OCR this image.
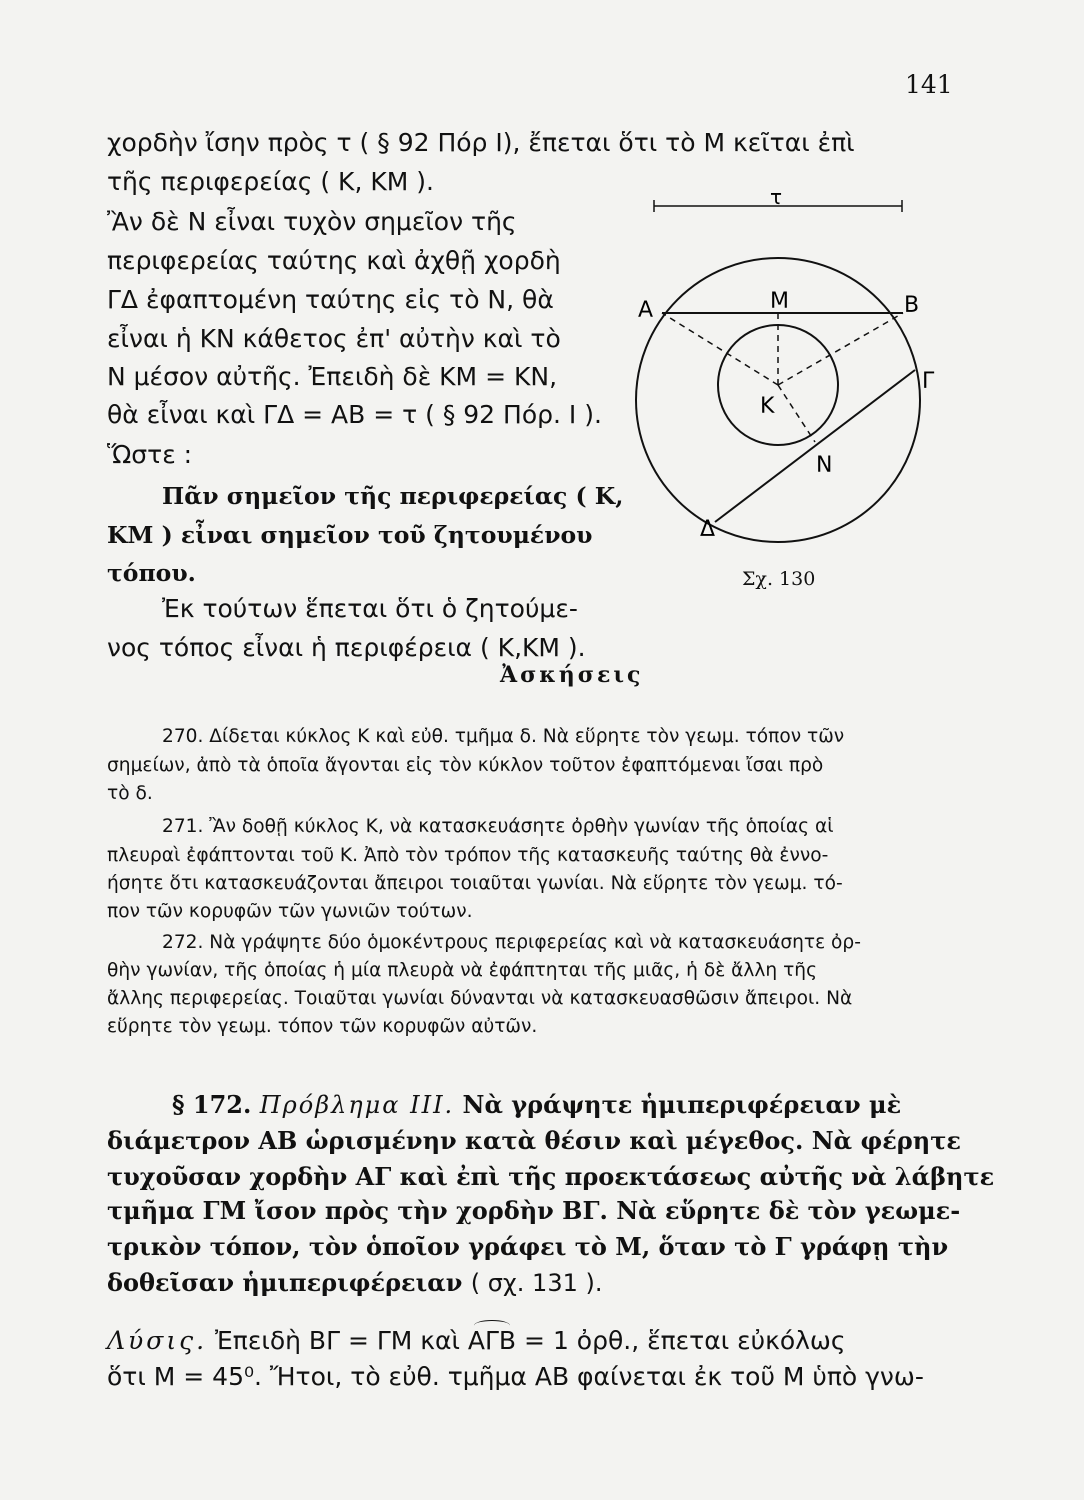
141
χορδὴν ἴσην πρὸς τ ( § 92 Πόρ Ι), ἔπεται ὅτι τὸ Μ κεῖται ἐπὶ
τῆς περιφερείας ( Κ, ΚΜ ).
Ἂν δὲ Ν εἶναι τυχὸν σημεῖον τῆς
περιφερείας ταύτης καὶ ἀχθῇ χορδὴ
ΓΔ ἐφαπτομένη ταύτης εἰς τὸ Ν, θὰ
εἶναι ἡ ΚΝ κάθετος ἐπ' αὐτὴν καὶ τὸ
Ν μέσον αὐτῆς. Ἐπειδὴ δὲ ΚΜ = ΚΝ,
θὰ εἶναι καὶ ΓΔ = ΑΒ = τ ( § 92 Πόρ. Ι ).
Ὥστε :
Πᾶν σημεῖον τῆς περιφερείας ( Κ,
ΚΜ ) εἶναι σημεῖον τοῦ ζητουμένου
τόπου.
Ἐκ τούτων ἕπεται ὅτι ὁ ζητούμε-
νος τόπος εἶναι ἡ περιφέρεια ( Κ,ΚΜ ).
τ
Α	Β
Μ
Κ
Γ
Ν
Δ
Σχ. 130
Ἀσκήσεις
270. Δίδεται κύκλος Κ καὶ εὐθ. τμῆμα δ. Νὰ εὕρητε τὸν γεωμ. τόπον τῶν
σημείων, ἀπὸ τὰ ὁποῖα ἄγονται εἰς τὸν κύκλον τοῦτον ἐφαπτόμεναι ἴσαι πρὸ
τὸ δ.
271. Ἂν δοθῇ κύκλος Κ, νὰ κατασκευάσητε ὀρθὴν γωνίαν τῆς ὁποίας αἱ
πλευραὶ ἐφάπτονται τοῦ Κ. Ἀπὸ τὸν τρόπον τῆς κατασκευῆς ταύτης θὰ ἐννο-
ήσητε ὅτι κατασκευάζονται ἄπειροι τοιαῦται γωνίαι. Νὰ εὕρητε τὸν γεωμ. τό-
πον τῶν κορυφῶν τῶν γωνιῶν τούτων.
272. Νὰ γράψητε δύο ὁμοκέντρους περιφερείας καὶ νὰ κατασκευάσητε ὀρ-
θὴν γωνίαν, τῆς ὁποίας ἡ μία πλευρὰ νὰ ἐφάπτηται τῆς μιᾶς, ἡ δὲ ἄλλη τῆς
ἄλλης περιφερείας. Τοιαῦται γωνίαι δύνανται νὰ κατασκευασθῶσιν ἄπειροι. Νὰ
εὕρητε τὸν γεωμ. τόπον τῶν κορυφῶν αὐτῶν.
§ 172. Πρόβλημα ΙΙΙ. Νὰ γράψητε ἡμιπεριφέρειαν μὲ
διάμετρον ΑΒ ὡρισμένην κατὰ θέσιν καὶ μέγεθος. Νὰ φέρητε
τυχοῦσαν χορδὴν ΑΓ καὶ ἐπὶ τῆς προεκτάσεως αὐτῆς νὰ λάβητε
τμῆμα ΓΜ ἴσον πρὸς τὴν χορδὴν ΒΓ. Νὰ εὕρητε δὲ τὸν γεωμε-
τρικὸν τόπον, τὸν ὁποῖον γράφει τὸ Μ, ὅταν τὸ Γ γράφῃ τὴν
δοθεῖσαν ἡμιπεριφέρειαν ( σχ. 131 ).
Λύσις. Ἐπειδὴ ΒΓ = ΓΜ καὶ ΑΓΒ = 1 ὀρθ., ἕπεται εὐκόλως
ὅτι Μ = 45⁰. Ἤτοι, τὸ εὐθ. τμῆμα ΑΒ φαίνεται ἐκ τοῦ Μ ὑπὸ γνω-
